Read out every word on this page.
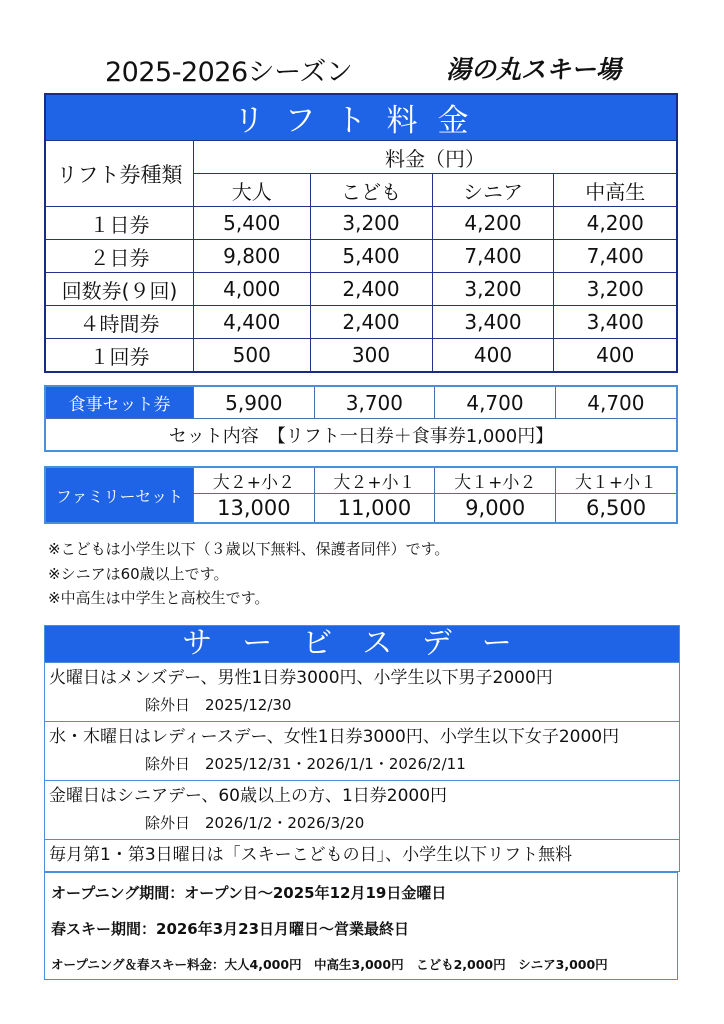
2025-2026シーズン	湯の丸スキー場
リフト料金				
リフト券種類	料金（円）			
	大人	こども	シニア	中高生
１日券	5,400	3,200	4,200	4,200
２日券	9,800	5,400	7,400	7,400
回数券(９回)	4,000	2,400	3,200	3,200
４時間券	4,400	2,400	3,400	3,400
１回券	500	300	400	400
食事セット券	5,900	3,700	4,700	4,700
セット内容　【リフト一日券＋食事券1,000円】
ファミリーセット	大２+小２	大２+小１	大１+小２	大１+小１
	13,000	11,000	9,000	6,500
※こどもは小学生以下（３歳以下無料、保護者同伴）です。
※シニアは60歳以上です。
※中高生は中学生と高校生です。
サービスデー
火曜日はメンズデー、男性1日券3000円、小学生以下男子2000円
除外日　2025/12/30
水・木曜日はレディースデー、女性1日券3000円、小学生以下女子2000円
除外日　2025/12/31・2026/1/1・2026/2/11
金曜日はシニアデー、60歳以上の方、1日券2000円
除外日　2026/1/2・2026/3/20
毎月第1・第3日曜日は「スキーこどもの日」、小学生以下リフト無料
オープニング期間：オープン日～2025年12月19日金曜日
春スキー期間：2026年3月23日月曜日～営業最終日
オープニング＆春スキー料金：大人4,000円　中高生3,000円　こども2,000円　シニア3,000円
